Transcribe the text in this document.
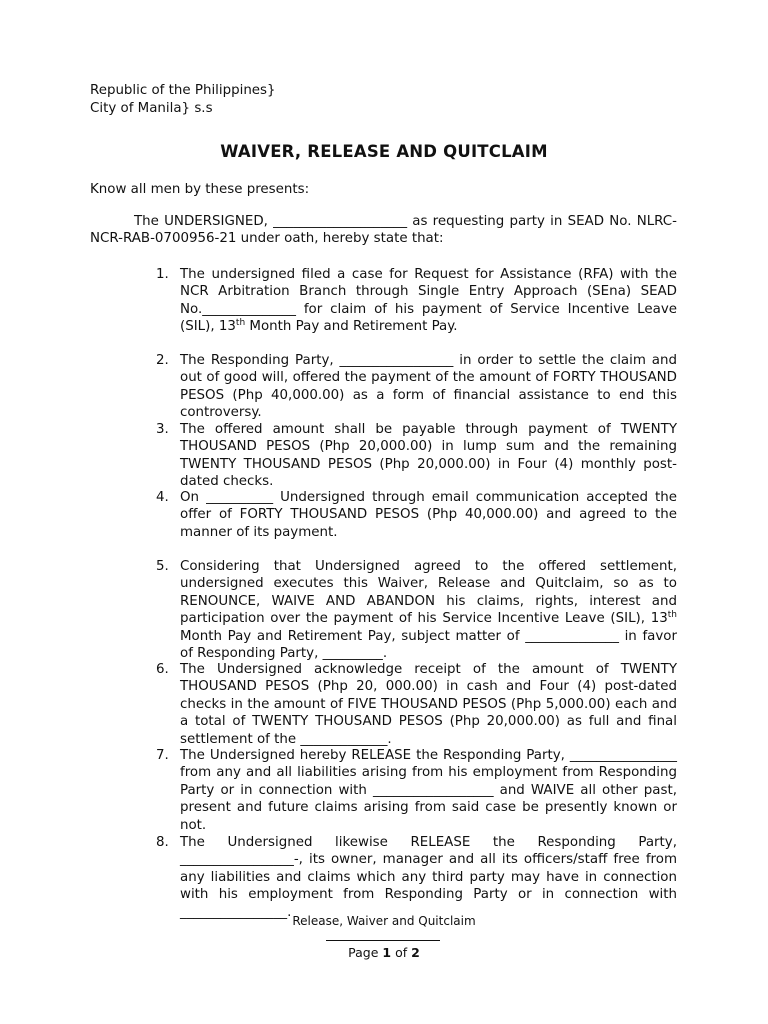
Republic of the Philippines}
City of Manila} s.s
WAIVER, RELEASE AND QUITCLAIM
Know all men by these presents:
The UNDERSIGNED, ____________________ as requesting party in SEAD No. NLRC-NCR-RAB-0700956-21 under oath, hereby state that:
1. The undersigned filed a case for Request for Assistance (RFA) with the NCR Arbitration Branch through Single Entry Approach (SEna) SEAD No.______________ for claim of his payment of Service Incentive Leave (SIL), 13th Month Pay and Retirement Pay.
2. The Responding Party, _________________ in order to settle the claim and out of good will, offered the payment of the amount of FORTY THOUSAND PESOS (Php 40,000.00) as a form of financial assistance to end this controversy.
3. The offered amount shall be payable through payment of TWENTY THOUSAND PESOS (Php 20,000.00) in lump sum and the remaining TWENTY THOUSAND PESOS (Php 20,000.00) in Four (4) monthly post-dated checks.
4. On __________ Undersigned through email communication accepted the offer of FORTY THOUSAND PESOS (Php 40,000.00) and agreed to the manner of its payment.
5. Considering that Undersigned agreed to the offered settlement, undersigned executes this Waiver, Release and Quitclaim, so as to RENOUNCE, WAIVE AND ABANDON his claims, rights, interest and participation over the payment of his Service Incentive Leave (SIL), 13th Month Pay and Retirement Pay, subject matter of ______________ in favor of Responding Party, _________.
6. The Undersigned acknowledge receipt of the amount of TWENTY THOUSAND PESOS (Php 20, 000.00) in cash and Four (4) post-dated checks in the amount of FIVE THOUSAND PESOS (Php 5,000.00) each and a total of TWENTY THOUSAND PESOS (Php 20,000.00) as full and final settlement of the _____________.
7. The Undersigned hereby RELEASE the Responding Party, ________________ from any and all liabilities arising from his employment from Responding Party or in connection with __________________ and WAIVE all other past, present and future claims arising from said case be presently known or not.
8. The Undersigned likewise RELEASE the Responding Party, _________________-, its owner, manager and all its officers/staff free from any liabilities and claims which any third party may have in connection with his employment from Responding Party or in connection with ________________.
Release, Waiver and Quitclaim
Page 1 of 2
